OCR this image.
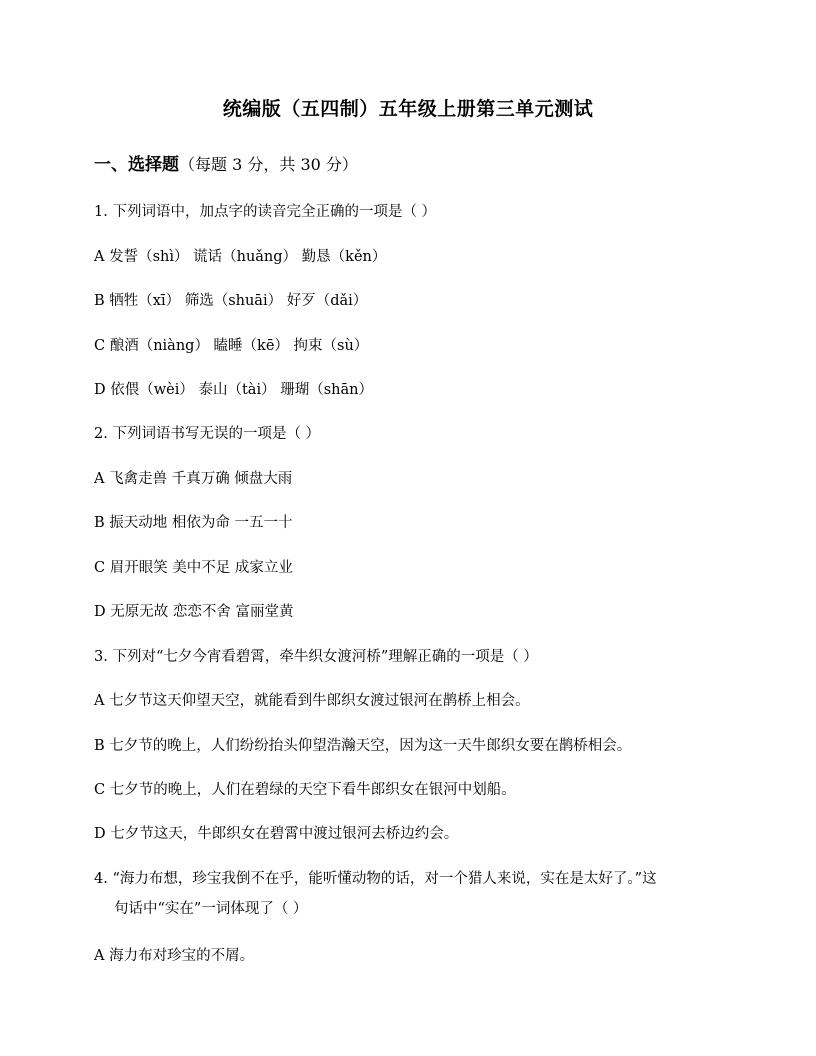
统编版（五四制）五年级上册第三单元测试
一、选择题（每题 3 分，共 30 分）
1. 下列词语中，加点字的读音完全正确的一项是（ ）
A 发誓（shì） 谎话（huǎng） 勤恳（kěn）
B 牺牲（xī） 筛选（shuāi） 好歹（dǎi）
C 酿酒（niàng） 瞌睡（kē） 拘束（sù）
D 依偎（wèi） 泰山（tài） 珊瑚（shān）
2. 下列词语书写无误的一项是（ ）
A 飞禽走兽 千真万确 倾盘大雨
B 振天动地 相依为命 一五一十
C 眉开眼笑 美中不足 成家立业
D 无原无故 恋恋不舍 富丽堂黄
3. 下列对“七夕今宵看碧霄，牵牛织女渡河桥”理解正确的一项是（ ）
A 七夕节这天仰望天空，就能看到牛郎织女渡过银河在鹊桥上相会。
B 七夕节的晚上，人们纷纷抬头仰望浩瀚天空，因为这一天牛郎织女要在鹊桥相会。
C 七夕节的晚上，人们在碧绿的天空下看牛郎织女在银河中划船。
D 七夕节这天，牛郎织女在碧霄中渡过银河去桥边约会。
4. “海力布想，珍宝我倒不在乎，能听懂动物的话，对一个猎人来说，实在是太好了。”这
句话中“实在”一词体现了（ ）
A 海力布对珍宝的不屑。
